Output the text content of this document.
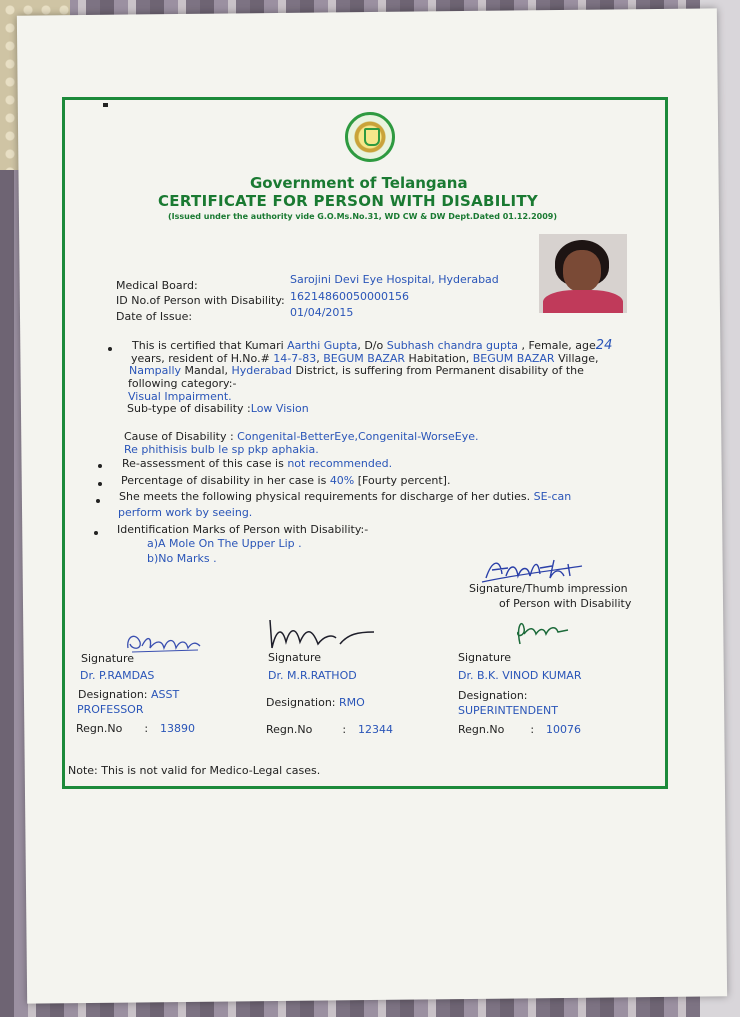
Government of Telangana
CERTIFICATE FOR PERSON WITH DISABILITY
(Issued under the authority vide G.O.Ms.No.31, WD CW & DW Dept.Dated 01.12.2009)
Medical Board:	Sarojini Devi Eye Hospital, Hyderabad
ID No.of Person with Disability: 16214860050000156
Date of Issue:	01/04/2015
This is certified that Kumari Aarthi Gupta, D/o Subhash chandra gupta , Female, age24
years, resident of H.No.# 14-7-83, BEGUM BAZAR Habitation, BEGUM BAZAR Village,
Nampally Mandal, Hyderabad District, is suffering from Permanent disability of the
following category:-
Visual Impairment.
Sub-type of disability :Low Vision
Cause of Disability : Congenital-BetterEye,Congenital-WorseEye.
Re phithisis bulb le sp pkp aphakia.
Re-assessment of this case is not recommended.
Percentage of disability in her case is 40% [Fourty percent].
She meets the following physical requirements for discharge of her duties. SE-can
perform work by seeing.
Identification Marks of Person with Disability:-
a)A Mole On The Upper Lip .
b)No Marks .
Aarthi
Signature/Thumb impression
of Person with Disability
Signature
Dr. P.RAMDAS
Designation: ASST
PROFESSOR
Regn.No : 13890
Signature
Dr. M.R.RATHOD
Designation: RMO
Regn.No	: 12344
Signature
Dr. B.K. VINOD KUMAR
Designation:
SUPERINTENDENT
Regn.No : 10076
Note: This is not valid for Medico-Legal cases.
